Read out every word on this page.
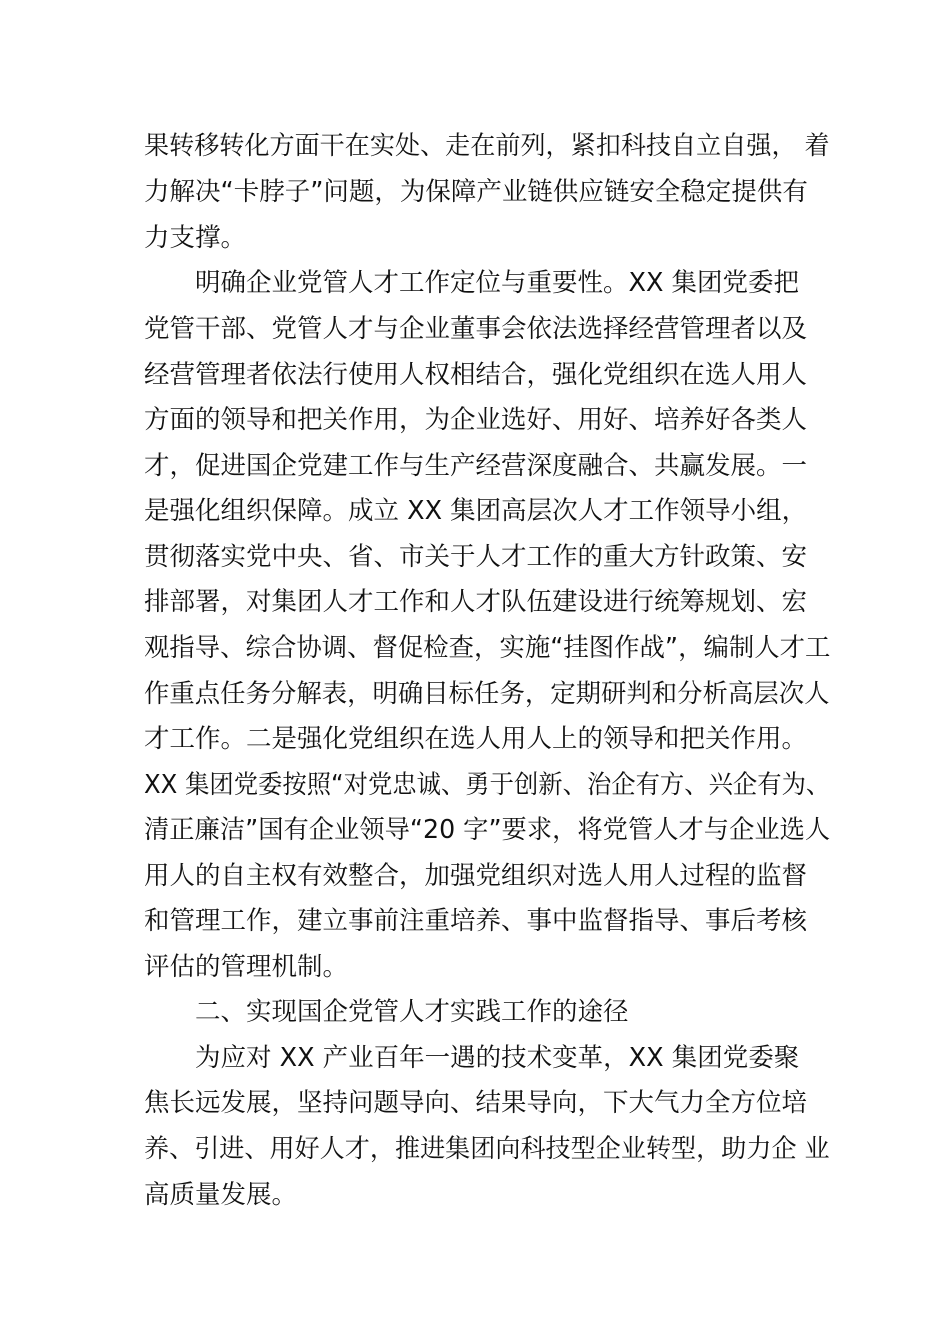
果转移转化方面干在实处、走在前列，紧扣科技自立自强， 着

力解决“卡脖子”问题，为保障产业链供应链安全稳定提供有

力支撑。

　　明确企业党管人才工作定位与重要性。XX 集团党委把

党管干部、党管人才与企业董事会依法选择经营管理者以及

经营管理者依法行使用人权相结合，强化党组织在选人用人

方面的领导和把关作用，为企业选好、用好、培养好各类人

才，促进国企党建工作与生产经营深度融合、共赢发展。一

是强化组织保障。成立 XX 集团高层次人才工作领导小组，

贯彻落实党中央、省、市关于人才工作的重大方针政策、安

排部署，对集团人才工作和人才队伍建设进行统筹规划、宏

观指导、综合协调、督促检查，实施“挂图作战”，编制人才工

作重点任务分解表，明确目标任务，定期研判和分析高层次人

才工作。二是强化党组织在选人用人上的领导和把关作用。

XX 集团党委按照“对党忠诚、勇于创新、治企有方、兴企有为、

清正廉洁”国有企业领导“20 字”要求，将党管人才与企业选人

用人的自主权有效整合，加强党组织对选人用人过程的监督

和管理工作，建立事前注重培养、事中监督指导、事后考核

评估的管理机制。

　　二、实现国企党管人才实践工作的途径

　　为应对 XX 产业百年一遇的技术变革，XX 集团党委聚

焦长远发展，坚持问题导向、结果导向，下大气力全方位培

养、引进、用好人才，推进集团向科技型企业转型，助力企 业

高质量发展。
